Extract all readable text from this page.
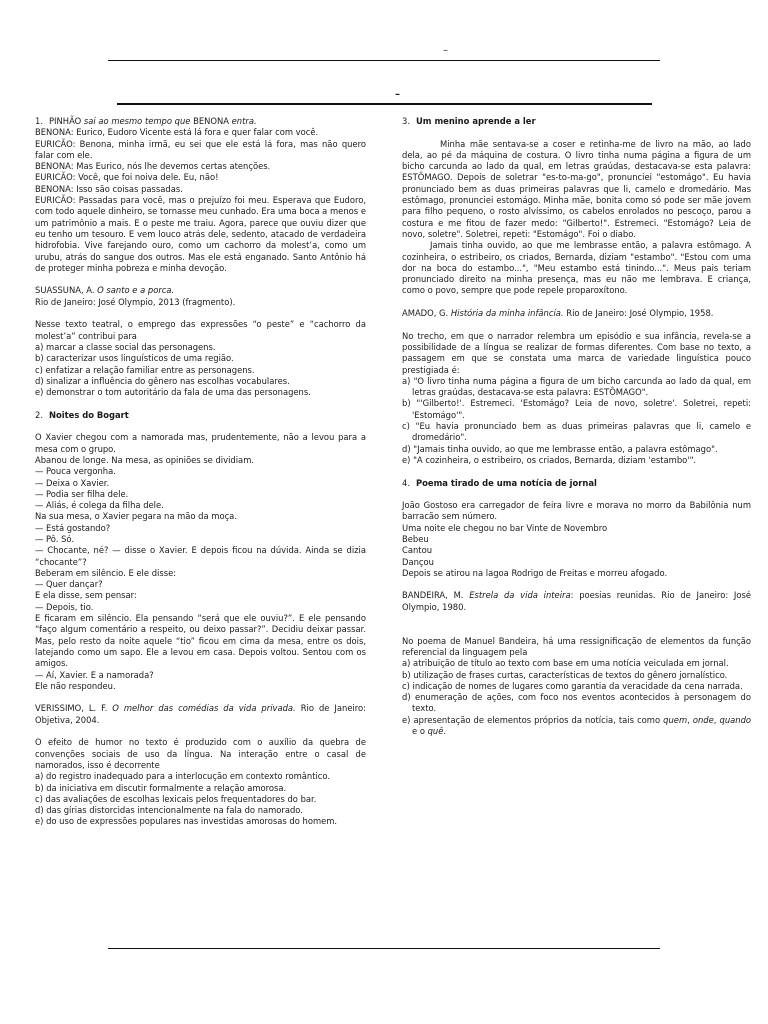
–
–

1. PINHÃO sai ao mesmo tempo que BENONA entra.

BENONA: Eurico, Eudoro Vicente está lá fora e quer falar com você.

EURICÃO: Benona, minha irmã, eu sei que ele está lá fora, mas não quero falar com ele.

BENONA: Mas Eurico, nós lhe devemos certas atenções.

EURICÃO: Você, que foi noiva dele. Eu, não!

BENONA: Isso são coisas passadas.

EURICÃO: Passadas para você, mas o prejuízo foi meu. Esperava que Eudoro, com todo aquele dinheiro, se tornasse meu cunhado. Era uma boca a menos e um patrimônio a mais. E o peste me traiu. Agora, parece que ouviu dizer que eu tenho um tesouro. E vem louco atrás dele, sedento, atacado de verdadeira hidrofobia. Vive farejando ouro, como um cachorro da molest’a, como um urubu, atrás do sangue dos outros. Mas ele está enganado. Santo Antônio há de proteger minha pobreza e minha devoção.

SUASSUNA, A. O santo e a porca.

Rio de Janeiro: José Olympio, 2013 (fragmento).

Nesse texto teatral, o emprego das expressões “o peste” e “cachorro da molest’a” contribui para

a) marcar a classe social das personagens.

b) caracterizar usos linguísticos de uma região.

c) enfatizar a relação familiar entre as personagens.

d) sinalizar a influência do gênero nas escolhas vocabulares.

e) demonstrar o tom autoritário da fala de uma das personagens.

2. Noites do Bogart

O Xavier chegou com a namorada mas, prudentemente, não a levou para a mesa com o grupo.

Abanou de longe. Na mesa, as opiniões se dividiam.

— Pouca vergonha.

— Deixa o Xavier.

— Podia ser filha dele.

— Aliás, é colega da filha dele.

Na sua mesa, o Xavier pegara na mão da moça.

— Está gostando?

— Pô. Só.

— Chocante, né? — disse o Xavier. E depois ficou na dúvida. Ainda se dizia “chocante”?

Beberam em silêncio. E ele disse:

— Quer dançar?

E ela disse, sem pensar:

— Depois, tio.

E ficaram em silêncio. Ela pensando “será que ele ouviu?”. E ele pensando “faço algum comentário a respeito, ou deixo passar?”. Decidiu deixar passar. Mas, pelo resto da noite aquele “tio” ficou em cima da mesa, entre os dois, latejando como um sapo. Ele a levou em casa. Depois voltou. Sentou com os amigos.

— Aí, Xavier. E a namorada?

Ele não respondeu.

VERISSIMO, L. F. O melhor das comédias da vida privada. Rio de Janeiro: Objetiva, 2004.

O efeito de humor no texto é produzido com o auxílio da quebra de convenções sociais de uso da língua. Na interação entre o casal de namorados, isso é decorrente

a) do registro inadequado para a interlocução em contexto romântico.

b) da iniciativa em discutir formalmente a relação amorosa.

c) das avaliações de escolhas lexicais pelos frequentadores do bar.

d) das gírias distorcidas intencionalmente na fala do namorado.

e) do uso de expressões populares nas investidas amorosas do homem.

3. Um menino aprende a ler

Minha mãe sentava-se a coser e retinha-me de livro na mão, ao lado dela, ao pé da máquina de costura. O livro tinha numa página a figura de um bicho carcunda ao lado da qual, em letras graúdas, destacava-se esta palavra: ESTÔMAGO. Depois de soletrar "es-to-ma-go", pronunciei "estomágo". Eu havia pronunciado bem as duas primeiras palavras que li, camelo e dromedário. Mas estômago, pronunciei estomágo. Minha mãe, bonita como só pode ser mãe jovem para filho pequeno, o rosto alvíssimo, os cabelos enrolados no pescoço, parou a costura e me fitou de fazer medo: "Gilberto!". Estremeci. "Estomágo? Leia de novo, soletre". Soletrei, repeti: "Estomágo". Foi o diabo.

Jamais tinha ouvido, ao que me lembrasse então, a palavra estômago. A cozinheira, o estribeiro, os criados, Bernarda, diziam "estambo". "Estou com uma dor na boca do estambo...", "Meu estambo está tinindo...". Meus pais teriam pronunciado direito na minha presença, mas eu não me lembrava. E criança, como o povo, sempre que pode repele proparoxítono.

AMADO, G. História da minha infância. Rio de Janeiro: José Olympio, 1958.

No trecho, em que o narrador relembra um episódio e sua infância, revela-se a possibilidade de a língua se realizar de formas diferentes. Com base no texto, a passagem em que se constata uma marca de variedade linguística pouco prestigiada é:

a) "O livro tinha numa página a figura de um bicho carcunda ao lado da qual, em letras graúdas, destacava-se esta palavra: ESTÔMAGO".

b) "'Gilberto!'. Estremeci. 'Estomágo? Leia de novo, soletre'. Soletrei, repeti: 'Estomágo'".

c) "Eu havia pronunciado bem as duas primeiras palavras que li, camelo e dromedário".

d) "Jamais tinha ouvido, ao que me lembrasse então, a palavra estômago".

e) "A cozinheira, o estribeiro, os criados, Bernarda, diziam 'estambo'".

4. Poema tirado de uma notícia de jornal

João Gostoso era carregador de feira livre e morava no morro da Babilônia num barracão sem número.

Uma noite ele chegou no bar Vinte de Novembro

Bebeu

Cantou

Dançou

Depois se atirou na lagoa Rodrigo de Freitas e morreu afogado.

BANDEIRA, M. Estrela da vida inteira: poesias reunidas. Rio de Janeiro: José Olympio, 1980.

No poema de Manuel Bandeira, há uma ressignificação de elementos da função referencial da linguagem pela

a) atribuição de título ao texto com base em uma notícia veiculada em jornal.

b) utilização de frases curtas, características de textos do gênero jornalístico.

c) indicação de nomes de lugares como garantia da veracidade da cena narrada.

d) enumeração de ações, com foco nos eventos acontecidos à personagem do texto.

e) apresentação de elementos próprios da notícia, tais como quem, onde, quando e o quê.
